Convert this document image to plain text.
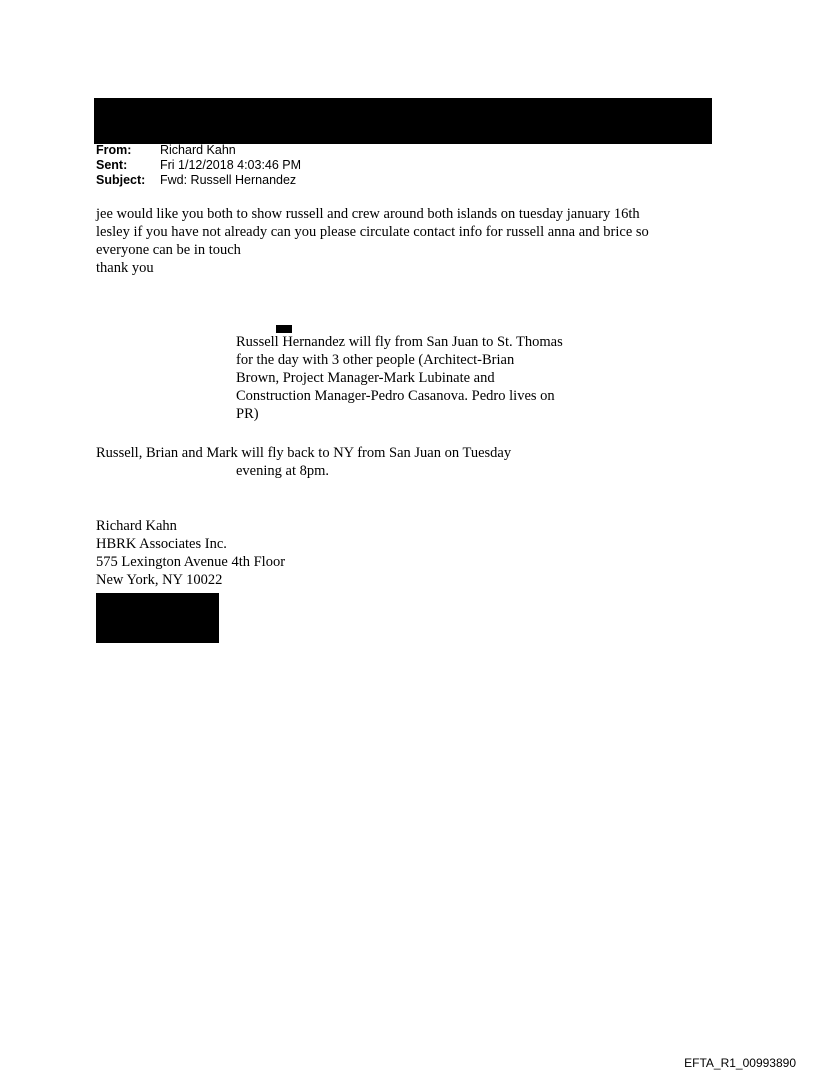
From: Richard Kahn
Sent:	Fri 1/12/2018 4:03:46 PM
Subject: Fwd: Russell Hernandez
jee would like you both to show russell and crew around both islands on tuesday january 16th
lesley if you have not already can you please circulate contact info for russell anna and brice so
everyone can be in touch
thank you
Russell Hernandez will fly from San Juan to St. Thomas
for the day with 3 other people (Architect-Brian
Brown, Project Manager-Mark Lubinate and
Construction Manager-Pedro Casanova. Pedro lives on
PR)
Russell, Brian and Mark will fly back to NY from San Juan on Tuesday
evening at 8pm.
Richard Kahn
HBRK Associates Inc.
575 Lexington Avenue 4th Floor
New York, NY 10022
EFTA_R1_00993890
